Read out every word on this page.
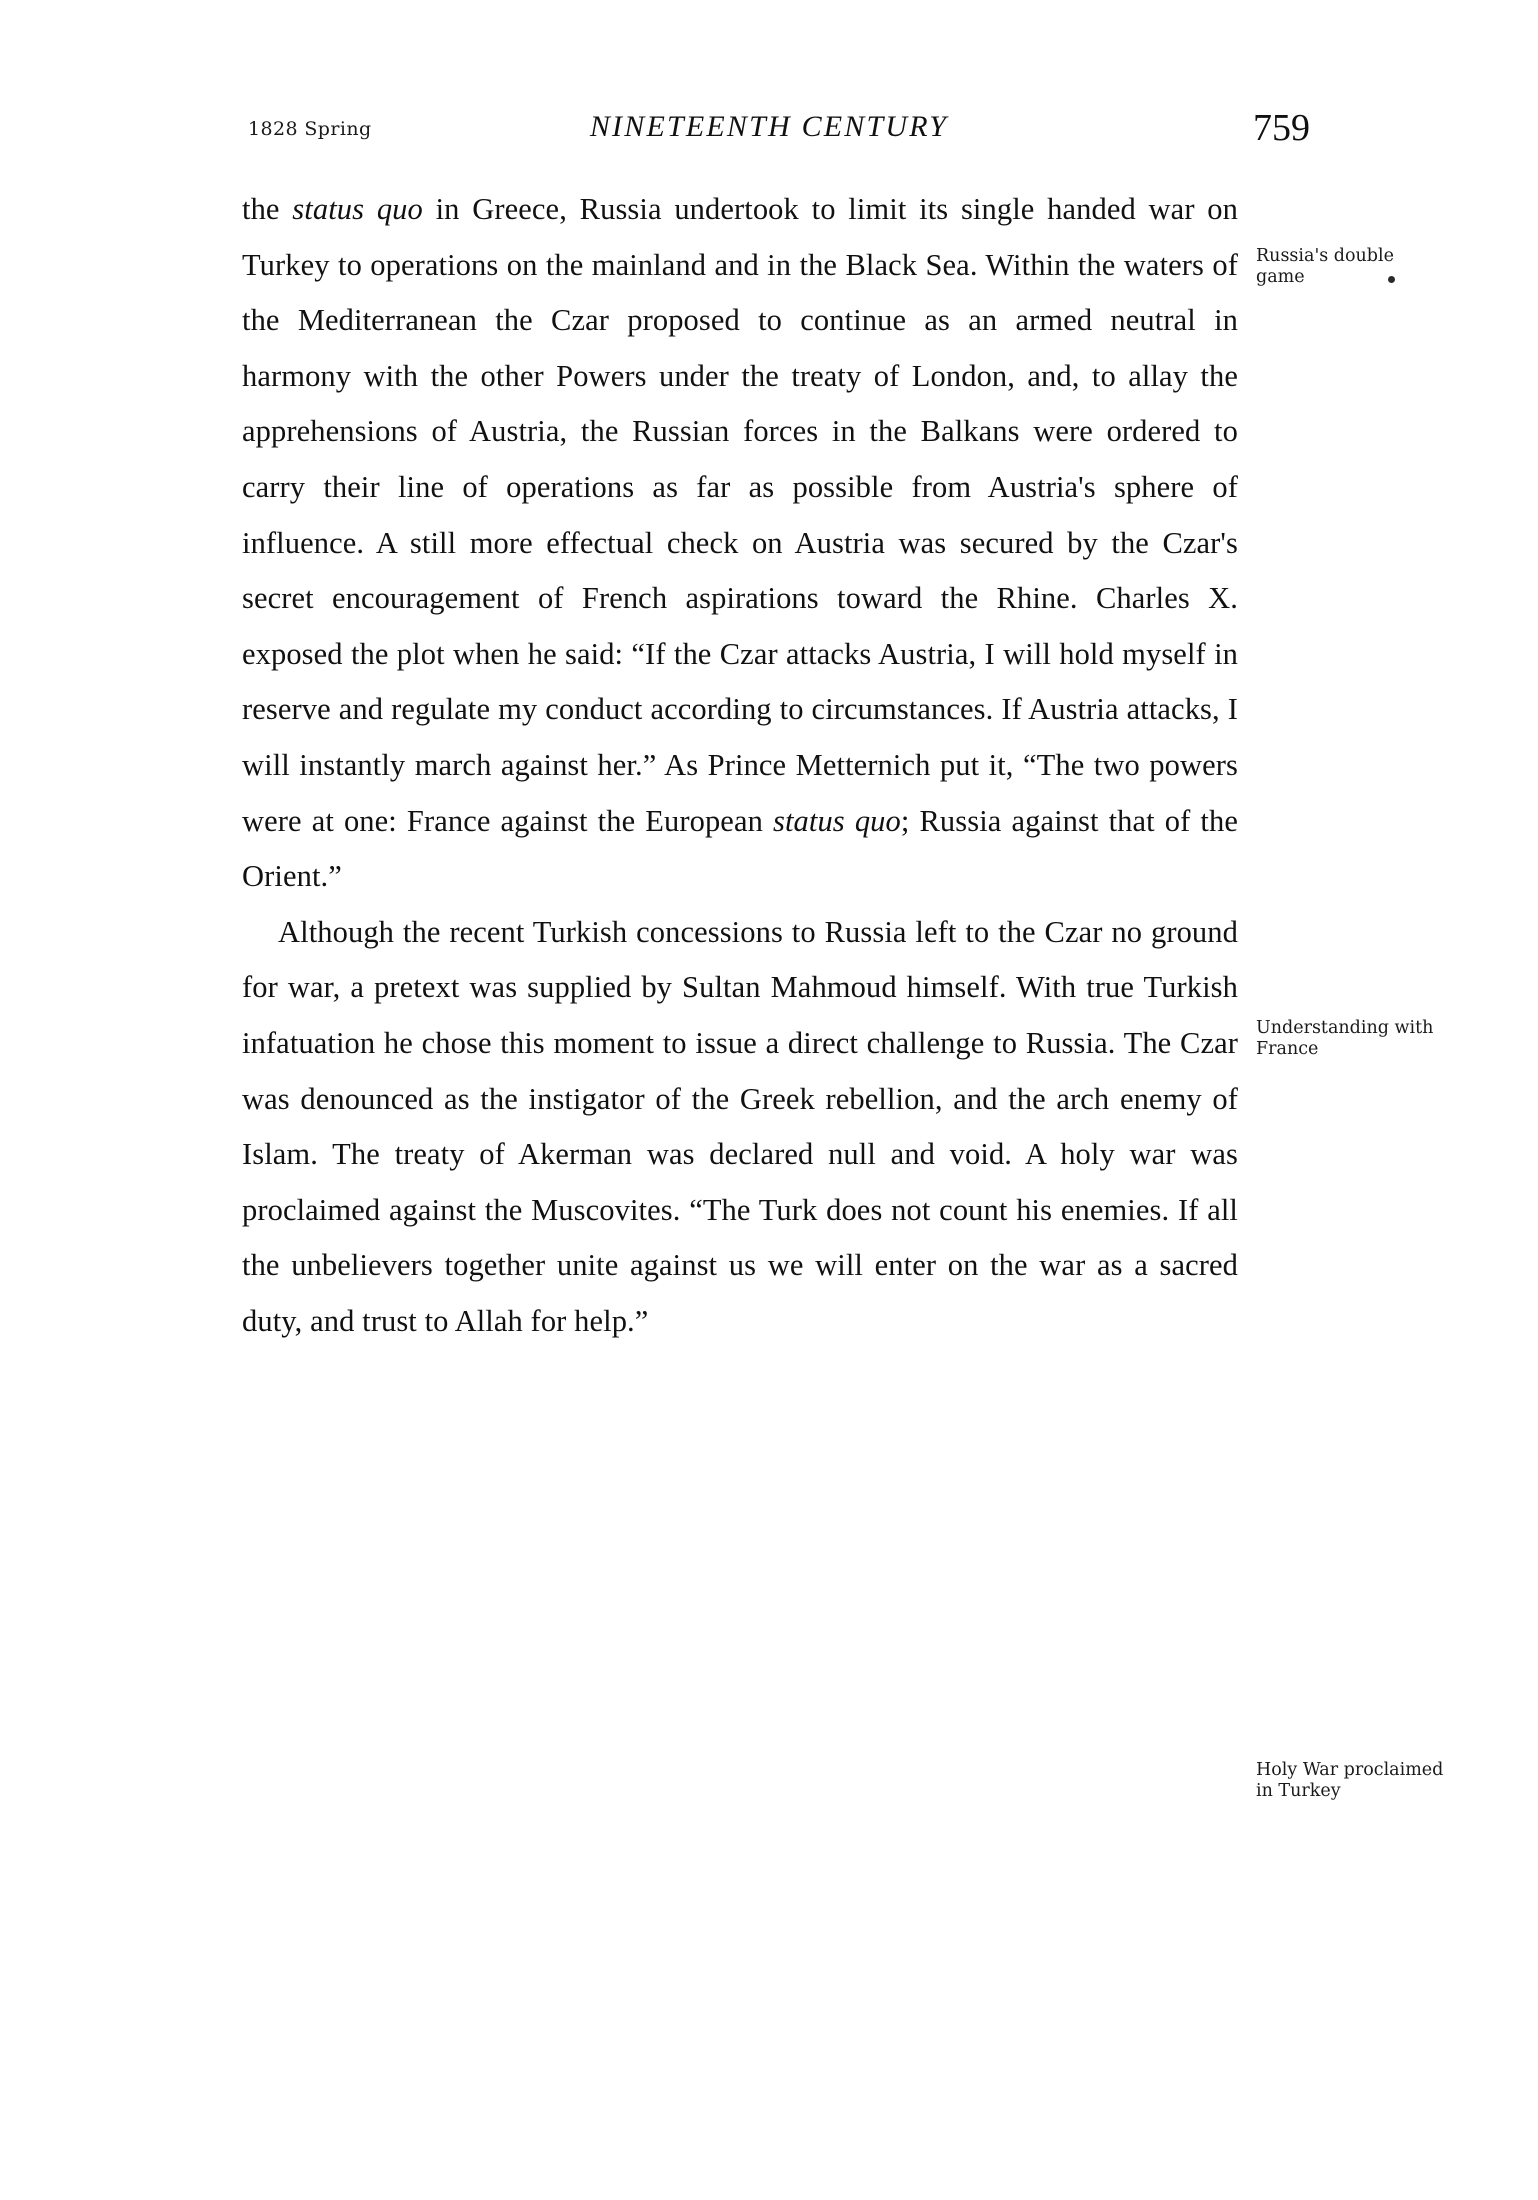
1828 Spring	NINETEENTH CENTURY	759

the status quo in Greece, Russia undertook to limit its single handed war on Turkey to operations on the mainland and in the Black Sea. Within the waters of the Mediterranean the Czar proposed to continue as an armed neutral in harmony with the other Powers under the treaty of London, and, to allay the apprehensions of Austria, the Russian forces in the Balkans were ordered to carry their line of operations as far as possible from Austria's sphere of influence. A still more effectual check on Austria was secured by the Czar's secret encouragement of French aspirations toward the Rhine. Charles X. exposed the plot when he said: “If the Czar attacks Austria, I will hold myself in reserve and regulate my conduct according to circumstances. If Austria attacks, I will instantly march against her.” As Prince Metternich put it, “The two powers were at one: France against the European status quo; Russia against that of the Orient.”

Although the recent Turkish concessions to Russia left to the Czar no ground for war, a pretext was supplied by Sultan Mahmoud himself. With true Turkish infatuation he chose this moment to issue a direct challenge to Russia. The Czar was denounced as the instigator of the Greek rebellion, and the arch enemy of Islam. The treaty of Akerman was declared null and void. A holy war was proclaimed against the Muscovites. “The Turk does not count his enemies. If all the unbelievers together unite against us we will enter on the war as a sacred duty, and trust to Allah for help.”

Russia's double game
Understanding with France
Holy War proclaimed in Turkey
